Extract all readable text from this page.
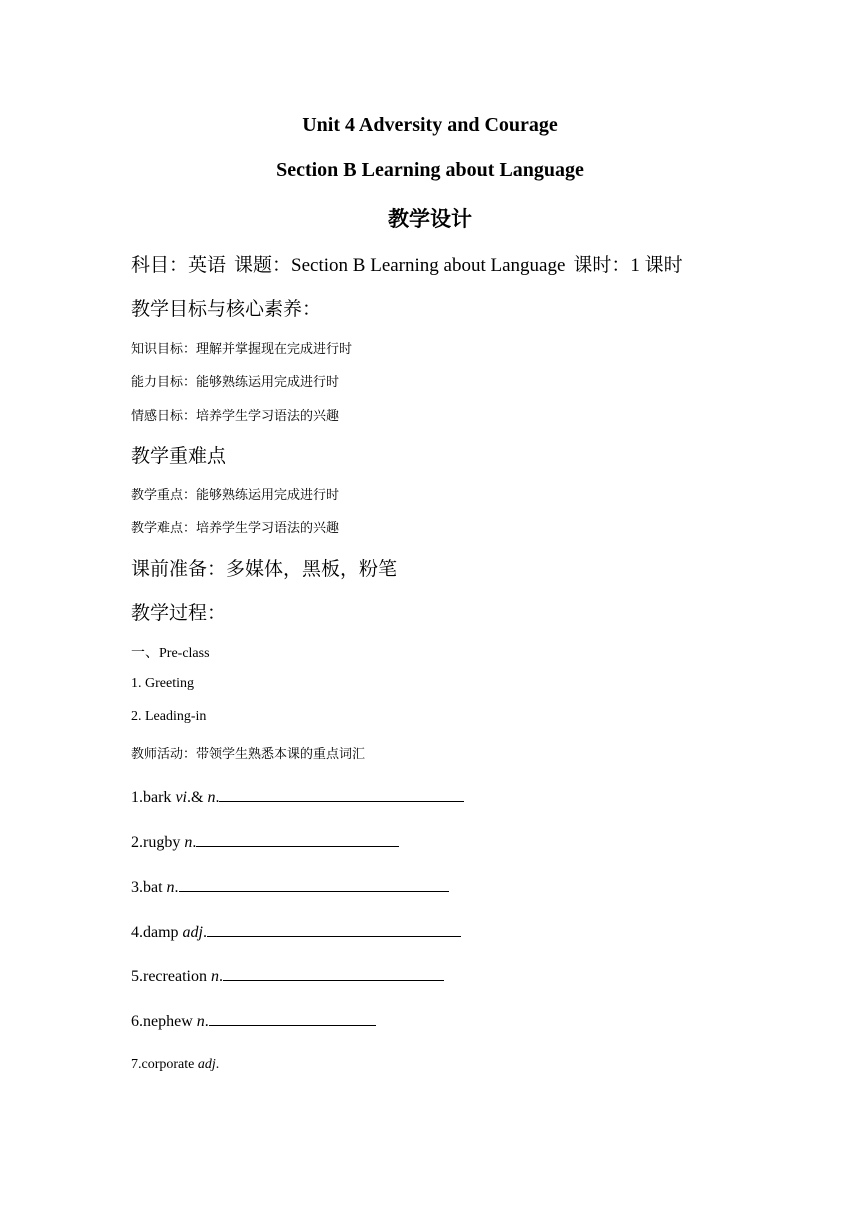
Unit 4 Adversity and Courage
Section B Learning about Language
教学设计
科目：英语 课题：Section B Learning about Language 课时：1 课时
教学目标与核心素养：
知识目标：理解并掌握现在完成进行时
能力目标：能够熟练运用完成进行时
情感日标：培养学生学习语法的兴趣
教学重难点
教学重点：能够熟练运用完成进行时
教学难点：培养学生学习语法的兴趣
课前准备：多媒体，黑板，粉笔
教学过程：
一、Pre-class
1. Greeting
2. Leading-in
教师活动：带领学生熟悉本课的重点词汇
1.bark vi.& n.
2.rugby n.
3.bat n.
4.damp adj.
5.recreation n.
6.nephew n.
7.corporate adj.
